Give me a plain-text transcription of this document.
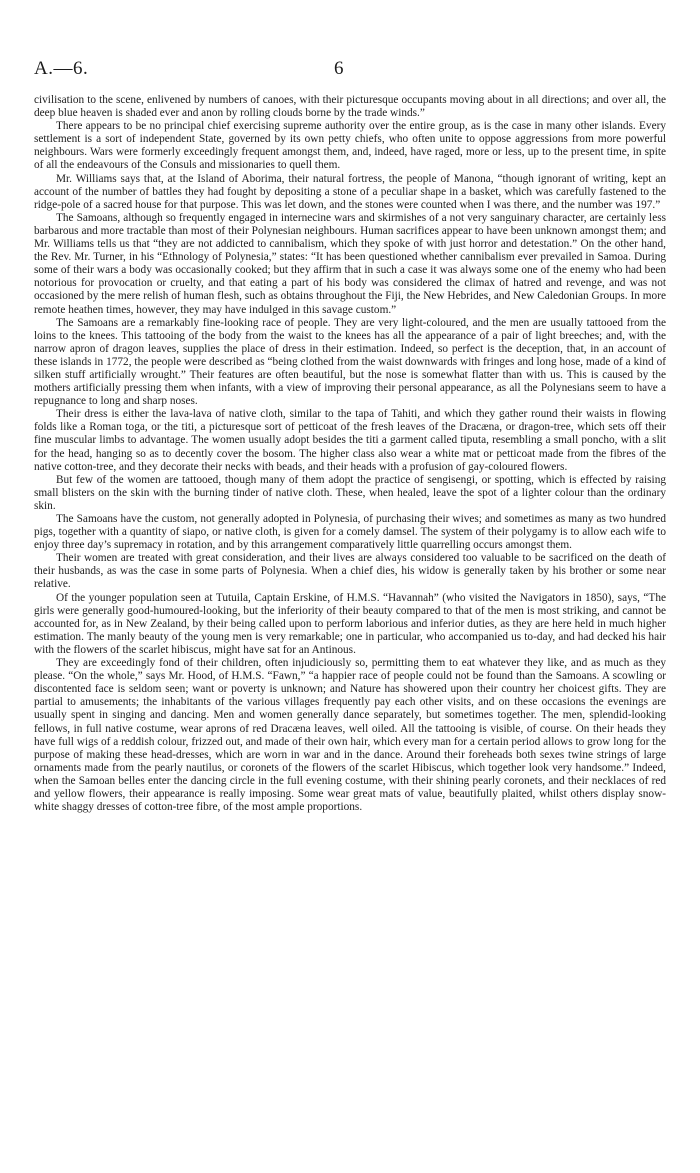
A.—6.	6

civilisation to the scene, enlivened by numbers of canoes, with their picturesque occupants moving about in all directions; and over all, the deep blue heaven is shaded ever and anon by rolling clouds borne by the trade winds.”

There appears to be no principal chief exercising supreme authority over the entire group, as is the case in many other islands. Every settlement is a sort of independent State, governed by its own petty chiefs, who often unite to oppose aggressions from more powerful neighbours. Wars were formerly exceedingly frequent amongst them, and, indeed, have raged, more or less, up to the present time, in spite of all the endeavours of the Consuls and missionaries to quell them.

Mr. Williams says that, at the Island of Aborima, their natural fortress, the people of Manona, “though ignorant of writing, kept an account of the number of battles they had fought by depositing a stone of a peculiar shape in a basket, which was carefully fastened to the ridge-pole of a sacred house for that purpose. This was let down, and the stones were counted when I was there, and the number was 197.”

The Samoans, although so frequently engaged in internecine wars and skirmishes of a not very sanguinary character, are certainly less barbarous and more tractable than most of their Polynesian neighbours. Human sacrifices appear to have been unknown amongst them; and Mr. Williams tells us that “they are not addicted to cannibalism, which they spoke of with just horror and detestation.” On the other hand, the Rev. Mr. Turner, in his “Ethnology of Polynesia,” states: “It has been questioned whether cannibalism ever prevailed in Samoa. During some of their wars a body was occasionally cooked; but they affirm that in such a case it was always some one of the enemy who had been notorious for provocation or cruelty, and that eating a part of his body was considered the climax of hatred and revenge, and was not occasioned by the mere relish of human flesh, such as obtains throughout the Fiji, the New Hebrides, and New Caledonian Groups. In more remote heathen times, however, they may have indulged in this savage custom.”

The Samoans are a remarkably fine-looking race of people. They are very light-coloured, and the men are usually tattooed from the loins to the knees. This tattooing of the body from the waist to the knees has all the appearance of a pair of light breeches; and, with the narrow apron of dragon leaves, supplies the place of dress in their estimation. Indeed, so perfect is the deception, that, in an account of these islands in 1772, the people were described as “being clothed from the waist downwards with fringes and long hose, made of a kind of silken stuff artificially wrought.” Their features are often beautiful, but the nose is somewhat flatter than with us. This is caused by the mothers artificially pressing them when infants, with a view of improving their personal appearance, as all the Polynesians seem to have a repugnance to long and sharp noses.

Their dress is either the lava-lava of native cloth, similar to the tapa of Tahiti, and which they gather round their waists in flowing folds like a Roman toga, or the titi, a picturesque sort of petticoat of the fresh leaves of the Dracæna, or dragon-tree, which sets off their fine muscular limbs to advantage. The women usually adopt besides the titi a garment called tiputa, resembling a small poncho, with a slit for the head, hanging so as to decently cover the bosom. The higher class also wear a white mat or petticoat made from the fibres of the native cotton-tree, and they decorate their necks with beads, and their heads with a profusion of gay-coloured flowers.

But few of the women are tattooed, though many of them adopt the practice of sengisengi, or spotting, which is effected by raising small blisters on the skin with the burning tinder of native cloth. These, when healed, leave the spot of a lighter colour than the ordinary skin.

The Samoans have the custom, not generally adopted in Polynesia, of purchasing their wives; and sometimes as many as two hundred pigs, together with a quantity of siapo, or native cloth, is given for a comely damsel. The system of their polygamy is to allow each wife to enjoy three day’s supremacy in rotation, and by this arrangement comparatively little quarrelling occurs amongst them.

Their women are treated with great consideration, and their lives are always considered too valuable to be sacrificed on the death of their husbands, as was the case in some parts of Polynesia. When a chief dies, his widow is generally taken by his brother or some near relative.

Of the younger population seen at Tutuila, Captain Erskine, of H.M.S. “Havannah” (who visited the Navigators in 1850), says, “The girls were generally good-humoured-looking, but the inferiority of their beauty compared to that of the men is most striking, and cannot be accounted for, as in New Zealand, by their being called upon to perform laborious and inferior duties, as they are here held in much higher estimation. The manly beauty of the young men is very remarkable; one in particular, who accompanied us to-day, and had decked his hair with the flowers of the scarlet hibiscus, might have sat for an Antinous.

They are exceedingly fond of their children, often injudiciously so, permitting them to eat whatever they like, and as much as they please. “On the whole,” says Mr. Hood, of H.M.S. “Fawn,” “a happier race of people could not be found than the Samoans. A scowling or discontented face is seldom seen; want or poverty is unknown; and Nature has showered upon their country her choicest gifts. They are partial to amusements; the inhabitants of the various villages frequently pay each other visits, and on these occasions the evenings are usually spent in singing and dancing. Men and women generally dance separately, but sometimes together. The men, splendid-looking fellows, in full native costume, wear aprons of red Dracæna leaves, well oiled. All the tattooing is visible, of course. On their heads they have full wigs of a reddish colour, frizzed out, and made of their own hair, which every man for a certain period allows to grow long for the purpose of making these head-dresses, which are worn in war and in the dance. Around their foreheads both sexes twine strings of large ornaments made from the pearly nautilus, or coronets of the flowers of the scarlet Hibiscus, which together look very handsome.” Indeed, when the Samoan belles enter the dancing circle in the full evening costume, with their shining pearly coronets, and their necklaces of red and yellow flowers, their appearance is really imposing. Some wear great mats of value, beautifully plaited, whilst others display snow-white shaggy dresses of cotton-tree fibre, of the most ample proportions.
